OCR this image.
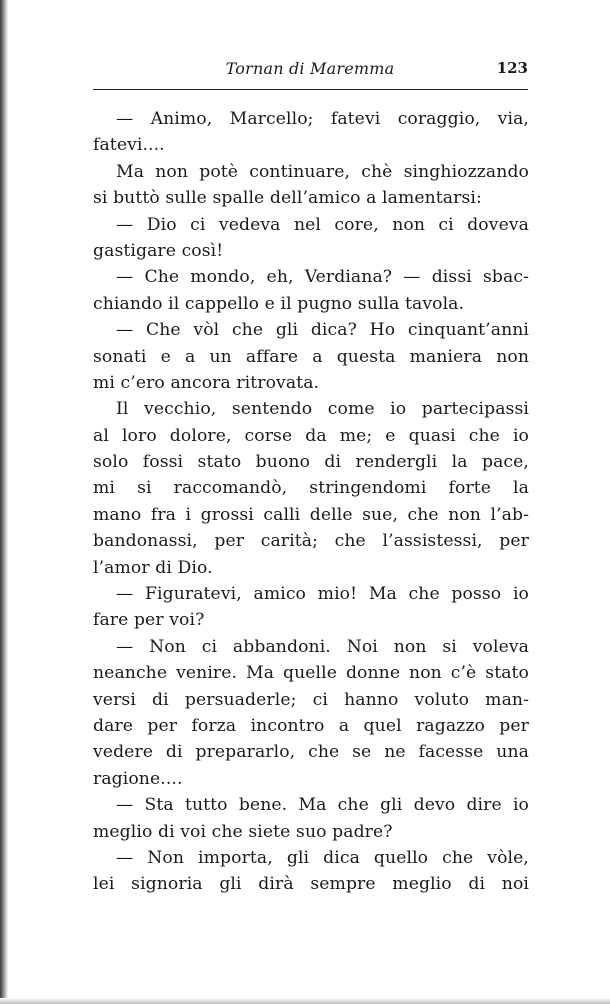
Tornan di Maremma	123
— Animo, Marcello; fatevi coraggio, via,
fatevi....
Ma non potè continuare, chè singhiozzando
si buttò sulle spalle dell’amico a lamentarsi:
— Dio ci vedeva nel core, non ci doveva
gastigare così!
— Che mondo, eh, Verdiana? — dissi sbac-
chiando il cappello e il pugno sulla tavola.
— Che vòl che gli dica? Ho cinquant’anni
sonati e a un affare a questa maniera non
mi c’ero ancora ritrovata.
Il vecchio, sentendo come io partecipassi
al loro dolore, corse da me; e quasi che io
solo fossi stato buono di rendergli la pace,
mi si raccomandò, stringendomi forte la
mano fra i grossi calli delle sue, che non l’ab-
bandonassi, per carità; che l’assistessi, per
l’amor di Dio.
— Figuratevi, amico mio! Ma che posso io
fare per voi?
— Non ci abbandoni. Noi non si voleva
neanche venire. Ma quelle donne non c’è stato
versi di persuaderle; ci hanno voluto man-
dare per forza incontro a quel ragazzo per
vedere di prepararlo, che se ne facesse una
ragione....
— Sta tutto bene. Ma che gli devo dire io
meglio di voi che siete suo padre?
— Non importa, gli dica quello che vòle,
lei signoria gli dirà sempre meglio di noi
